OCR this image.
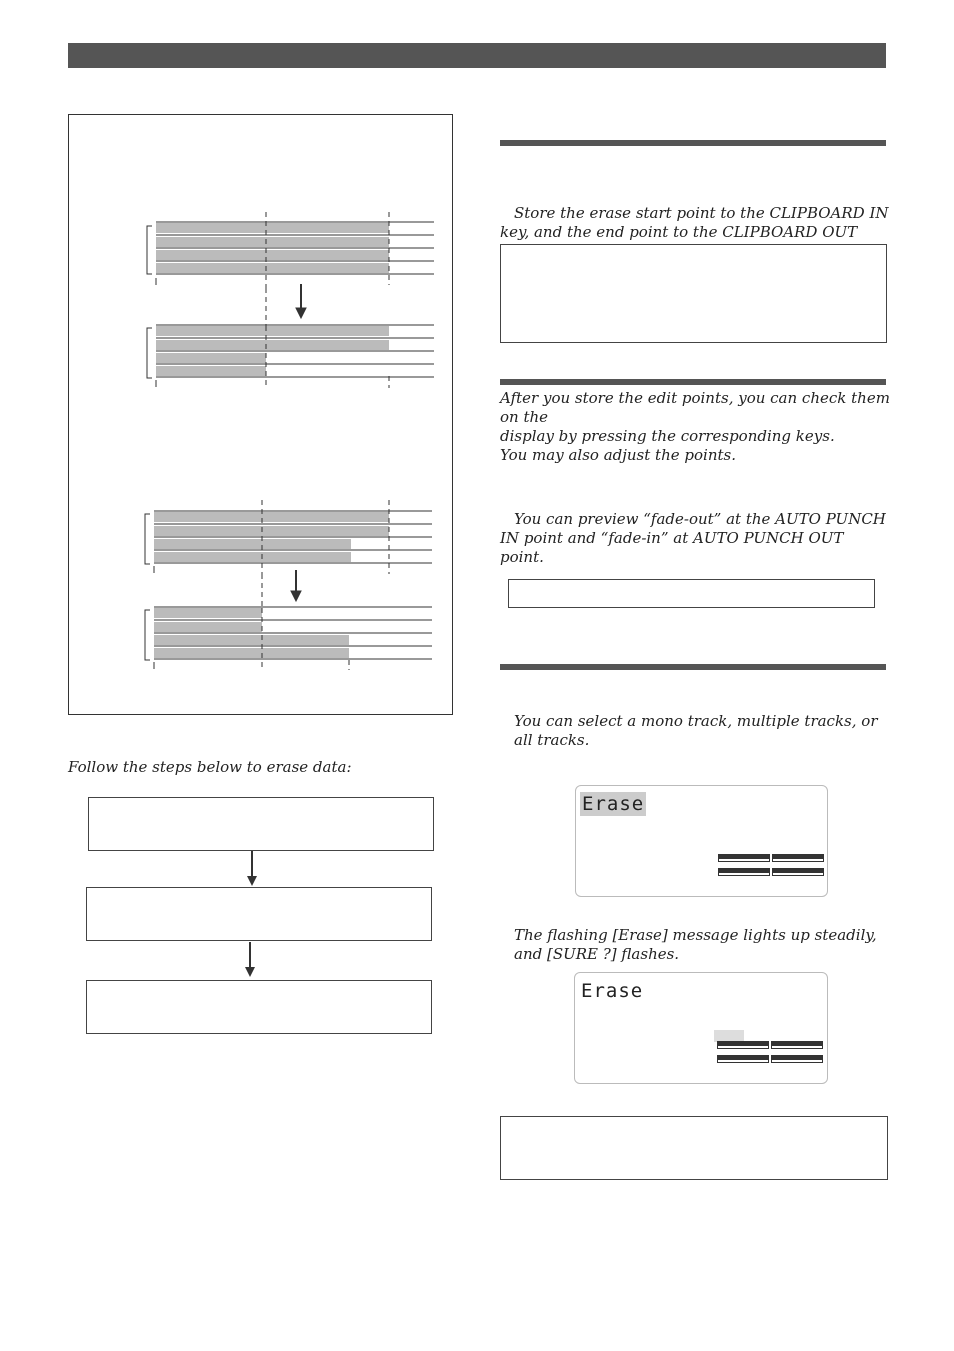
Follow the steps below to erase data:
Store the erase start point to the CLIPBOARD IN key, and the end point to the CLIPBOARD OUT
After you store the edit points, you can check them on the
display by pressing the corresponding keys.
You may also adjust the points.
You can preview “fade-out” at the AUTO PUNCH IN point and “fade-in” at AUTO PUNCH OUT point.
You can select a mono track, multiple tracks, or all tracks.
Erase
The flashing [Erase] message lights up steadily, and [SURE ?] flashes.
Erase
